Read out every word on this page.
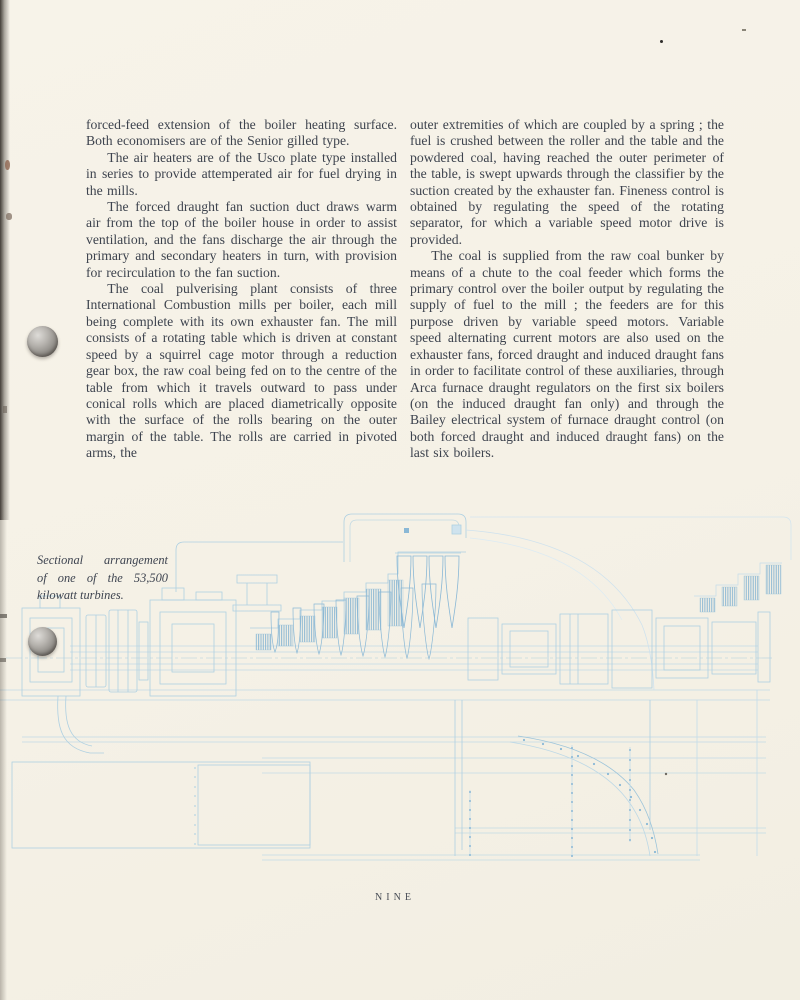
forced-feed extension of the boiler heating surface. Both economisers are of the Senior gilled type.

The air heaters are of the Usco plate type installed in series to provide attemperated air for fuel drying in the mills.

The forced draught fan suction duct draws warm air from the top of the boiler house in order to assist ventilation, and the fans discharge the air through the primary and secondary heaters in turn, with provision for recirculation to the fan suction.

The coal pulverising plant consists of three International Combustion mills per boiler, each mill being complete with its own exhauster fan. The mill consists of a rotating table which is driven at constant speed by a squirrel cage motor through a reduction gear box, the raw coal being fed on to the centre of the table from which it travels outward to pass under conical rolls which are placed diametrically opposite with the surface of the rolls bearing on the outer margin of the table. The rolls are carried in pivoted arms, the

outer extremities of which are coupled by a spring ; the fuel is crushed between the roller and the table and the powdered coal, having reached the outer perimeter of the table, is swept upwards through the classifier by the suction created by the exhauster fan. Fineness control is obtained by regulating the speed of the rotating separator, for which a variable speed motor drive is provided.

The coal is supplied from the raw coal bunker by means of a chute to the coal feeder which forms the primary control over the boiler output by regulating the supply of fuel to the mill ; the feeders are for this purpose driven by variable speed motors. Variable speed alternating current motors are also used on the exhauster fans, forced draught and induced draught fans in order to facilitate control of these auxiliaries, through Arca furnace draught regulators on the first six boilers (on the induced draught fan only) and through the Bailey electrical system of furnace draught control (on both forced draught and induced draught fans) on the last six boilers.

Sectional arrangement
of one of the 53,500
kilowatt turbines.
NINE
